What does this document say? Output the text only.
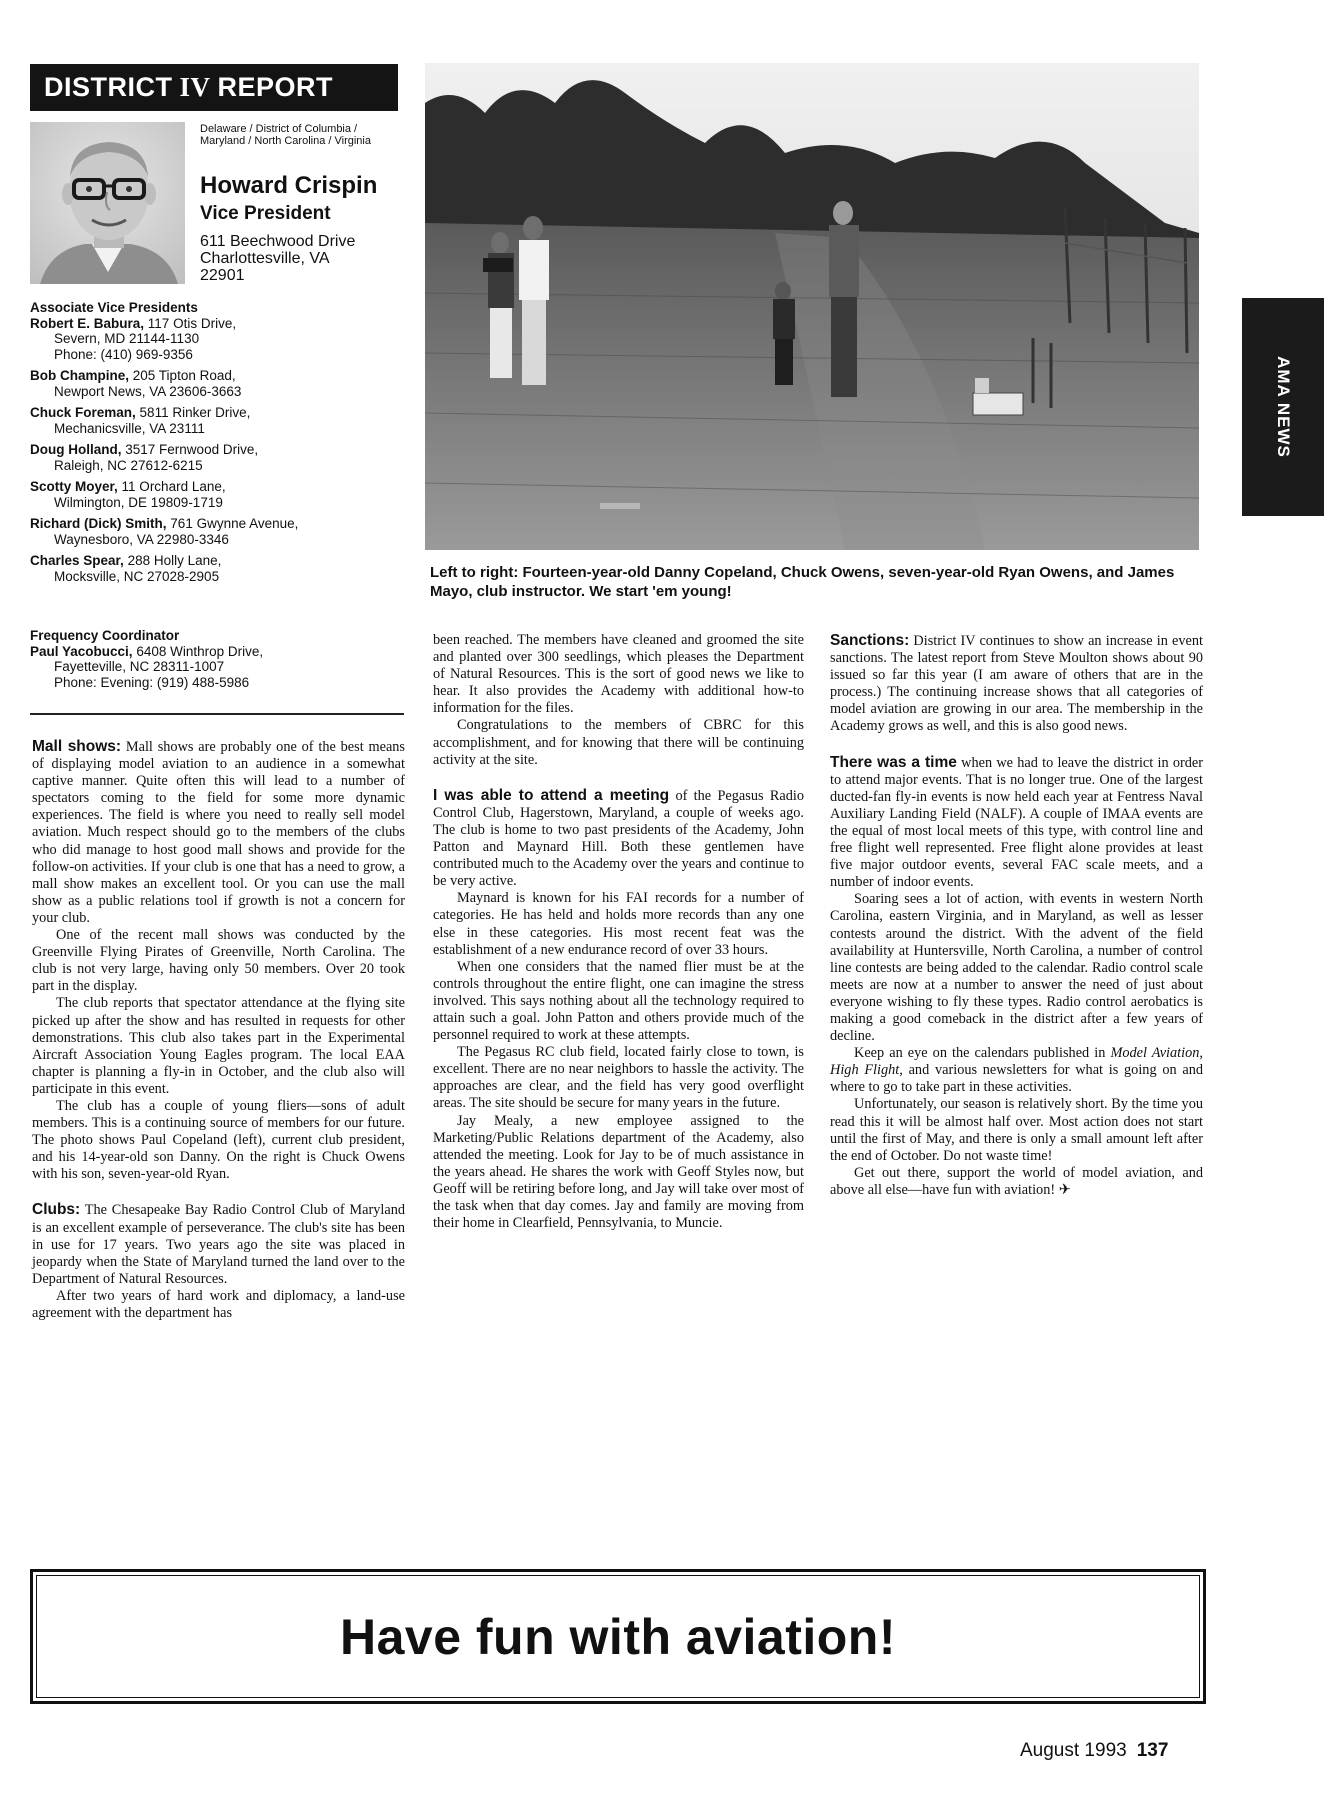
DISTRICT IV REPORT
Delaware / District of Columbia / Maryland / North Carolina / Virginia
Howard Crispin
Vice President
611 Beechwood Drive
Charlottesville, VA
22901
Associate Vice Presidents
Robert E. Babura, 117 Otis Drive,
Severn, MD 21144-1130
Phone: (410) 969-9356
Bob Champine, 205 Tipton Road,
Newport News, VA 23606-3663
Chuck Foreman, 5811 Rinker Drive,
Mechanicsville, VA 23111
Doug Holland, 3517 Fernwood Drive,
Raleigh, NC 27612-6215
Scotty Moyer, 11 Orchard Lane,
Wilmington, DE 19809-1719
Richard (Dick) Smith, 761 Gwynne Avenue,
Waynesboro, VA 22980-3346
Charles Spear, 288 Holly Lane,
Mocksville, NC 27028-2905
Frequency Coordinator
Paul Yacobucci, 6408 Winthrop Drive,
Fayetteville, NC 28311-1007
Phone: Evening: (919) 488-5986
Left to right: Fourteen-year-old Danny Copeland, Chuck Owens, seven-year-old Ryan Owens, and James Mayo, club instructor. We start 'em young!
AMA NEWS

Mall shows: Mall shows are probably one of the best means of displaying model aviation to an audience in a somewhat captive manner. Quite often this will lead to a number of spectators coming to the field for some more dynamic experiences. The field is where you need to really sell model aviation. Much respect should go to the members of the clubs who did manage to host good mall shows and provide for the follow-on activities. If your club is one that has a need to grow, a mall show makes an excellent tool. Or you can use the mall show as a public relations tool if growth is not a concern for your club.

One of the recent mall shows was conducted by the Greenville Flying Pirates of Greenville, North Carolina. The club is not very large, having only 50 members. Over 20 took part in the display.

The club reports that spectator attendance at the flying site picked up after the show and has resulted in requests for other demonstrations. This club also takes part in the Experimental Aircraft Association Young Eagles program. The local EAA chapter is planning a fly-in in October, and the club also will participate in this event.

The club has a couple of young fliers—sons of adult members. This is a continuing source of members for our future. The photo shows Paul Copeland (left), current club president, and his 14-year-old son Danny. On the right is Chuck Owens with his son, seven-year-old Ryan.

Clubs: The Chesapeake Bay Radio Control Club of Maryland is an excellent example of perseverance. The club's site has been in use for 17 years. Two years ago the site was placed in jeopardy when the State of Maryland turned the land over to the Department of Natural Resources.

After two years of hard work and diplomacy, a land-use agreement with the department has

been reached. The members have cleaned and groomed the site and planted over 300 seedlings, which pleases the Department of Natural Resources. This is the sort of good news we like to hear. It also provides the Academy with additional how-to information for the files.

Congratulations to the members of CBRC for this accomplishment, and for knowing that there will be continuing activity at the site.

I was able to attend a meeting of the Pegasus Radio Control Club, Hagerstown, Maryland, a couple of weeks ago. The club is home to two past presidents of the Academy, John Patton and Maynard Hill. Both these gentlemen have contributed much to the Academy over the years and continue to be very active.

Maynard is known for his FAI records for a number of categories. He has held and holds more records than any one else in these categories. His most recent feat was the establishment of a new endurance record of over 33 hours.

When one considers that the named flier must be at the controls throughout the entire flight, one can imagine the stress involved. This says nothing about all the technology required to attain such a goal. John Patton and others provide much of the personnel required to work at these attempts.

The Pegasus RC club field, located fairly close to town, is excellent. There are no near neighbors to hassle the activity. The approaches are clear, and the field has very good overflight areas. The site should be secure for many years in the future.

Jay Mealy, a new employee assigned to the Marketing/Public Relations department of the Academy, also attended the meeting. Look for Jay to be of much assistance in the years ahead. He shares the work with Geoff Styles now, but Geoff will be retiring before long, and Jay will take over most of the task when that day comes. Jay and family are moving from their home in Clearfield, Pennsylvania, to Muncie.

Sanctions: District IV continues to show an increase in event sanctions. The latest report from Steve Moulton shows about 90 issued so far this year (I am aware of others that are in the process.) The continuing increase shows that all categories of model aviation are growing in our area. The membership in the Academy grows as well, and this is also good news.

There was a time when we had to leave the district in order to attend major events. That is no longer true. One of the largest ducted-fan fly-in events is now held each year at Fentress Naval Auxiliary Landing Field (NALF). A couple of IMAA events are the equal of most local meets of this type, with control line and free flight well represented. Free flight alone provides at least five major outdoor events, several FAC scale meets, and a number of indoor events.

Soaring sees a lot of action, with events in western North Carolina, eastern Virginia, and in Maryland, as well as lesser contests around the district. With the advent of the field availability at Huntersville, North Carolina, a number of control line contests are being added to the calendar. Radio control scale meets are now at a number to answer the need of just about everyone wishing to fly these types. Radio control aerobatics is making a good comeback in the district after a few years of decline.

Keep an eye on the calendars published in Model Aviation, High Flight, and various newsletters for what is going on and where to go to take part in these activities.

Unfortunately, our season is relatively short. By the time you read this it will be almost half over. Most action does not start until the first of May, and there is only a small amount left after the end of October. Do not waste time!

Get out there, support the world of model aviation, and above all else—have fun with aviation! ✈

Have fun with aviation!
August 1993 137
